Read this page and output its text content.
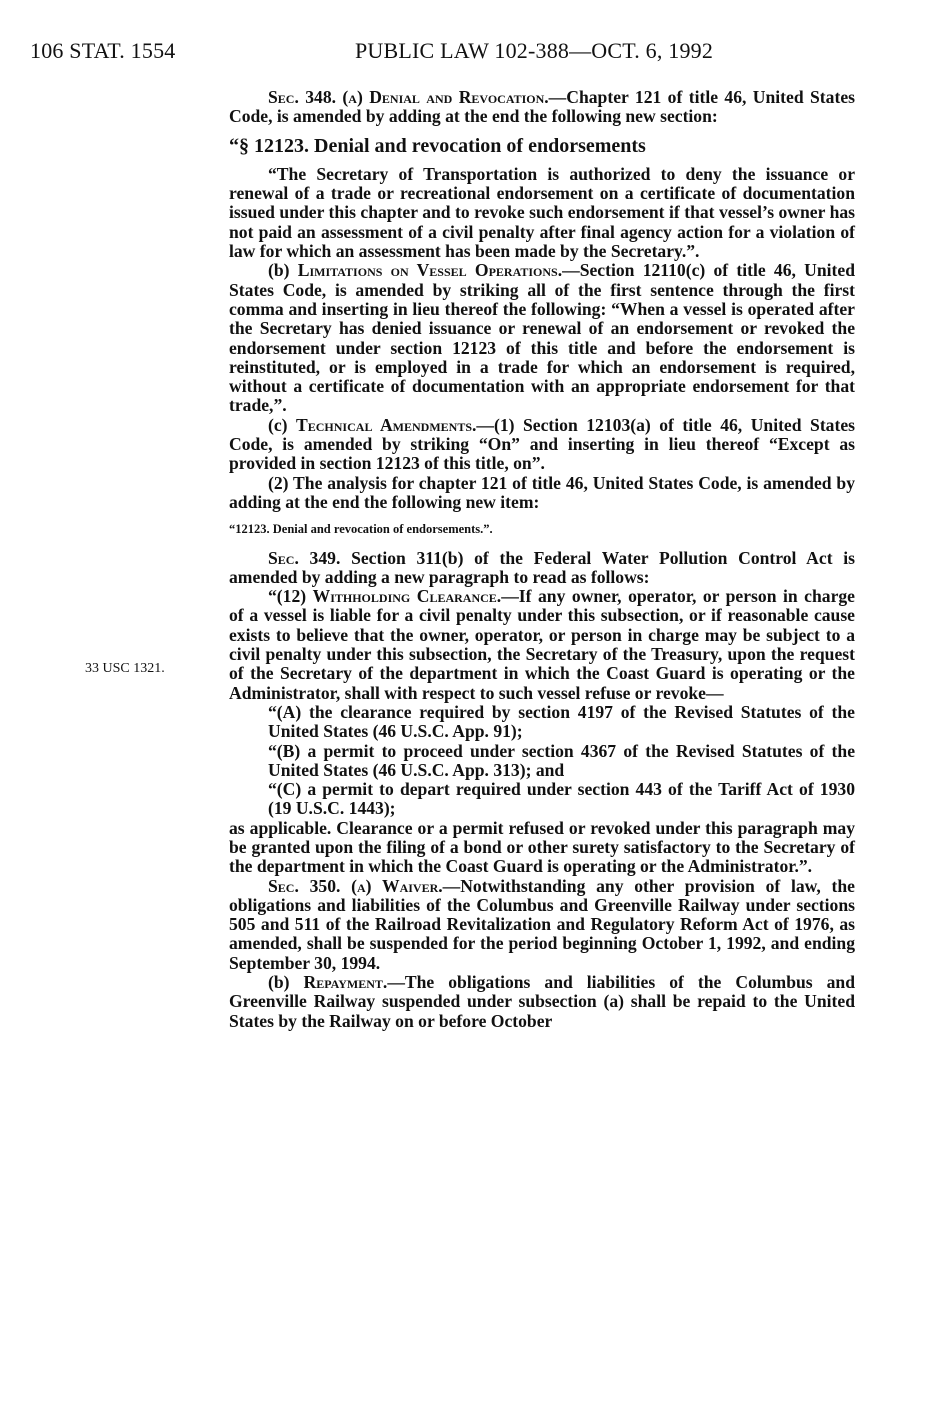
106 STAT. 1554	PUBLIC LAW 102-388—OCT. 6, 1992
33 USC 1321.

Sec. 348. (a) Denial and Revocation.—Chapter 121 of title 46, United States Code, is amended by adding at the end the following new section:

“§ 12123. Denial and revocation of endorsements

“The Secretary of Transportation is authorized to deny the issuance or renewal of a trade or recreational endorsement on a certificate of documentation issued under this chapter and to revoke such endorsement if that vessel’s owner has not paid an assessment of a civil penalty after final agency action for a violation of law for which an assessment has been made by the Secretary.”.

(b) Limitations on Vessel Operations.—Section 12110(c) of title 46, United States Code, is amended by striking all of the first sentence through the first comma and inserting in lieu thereof the following: “When a vessel is operated after the Secretary has denied issuance or renewal of an endorsement or revoked the endorsement under section 12123 of this title and before the endorsement is reinstituted, or is employed in a trade for which an endorsement is required, without a certificate of documentation with an appropriate endorsement for that trade,”.

(c) Technical Amendments.—(1) Section 12103(a) of title 46, United States Code, is amended by striking “On” and inserting in lieu thereof “Except as provided in section 12123 of this title, on”.

(2) The analysis for chapter 121 of title 46, United States Code, is amended by adding at the end the following new item:

“12123. Denial and revocation of endorsements.”.

Sec. 349. Section 311(b) of the Federal Water Pollution Control Act is amended by adding a new paragraph to read as follows:

“(12) Withholding Clearance.—If any owner, operator, or person in charge of a vessel is liable for a civil penalty under this subsection, or if reasonable cause exists to believe that the owner, operator, or person in charge may be subject to a civil penalty under this subsection, the Secretary of the Treasury, upon the request of the Secretary of the department in which the Coast Guard is operating or the Administrator, shall with respect to such vessel refuse or revoke—

“(A) the clearance required by section 4197 of the Revised Statutes of the United States (46 U.S.C. App. 91);

“(B) a permit to proceed under section 4367 of the Revised Statutes of the United States (46 U.S.C. App. 313); and

“(C) a permit to depart required under section 443 of the Tariff Act of 1930 (19 U.S.C. 1443);

as applicable. Clearance or a permit refused or revoked under this paragraph may be granted upon the filing of a bond or other surety satisfactory to the Secretary of the department in which the Coast Guard is operating or the Administrator.”.

Sec. 350. (a) Waiver.—Notwithstanding any other provision of law, the obligations and liabilities of the Columbus and Greenville Railway under sections 505 and 511 of the Railroad Revitalization and Regulatory Reform Act of 1976, as amended, shall be suspended for the period beginning October 1, 1992, and ending September 30, 1994.

(b) Repayment.—The obligations and liabilities of the Columbus and Greenville Railway suspended under subsection (a) shall be repaid to the United States by the Railway on or before October
